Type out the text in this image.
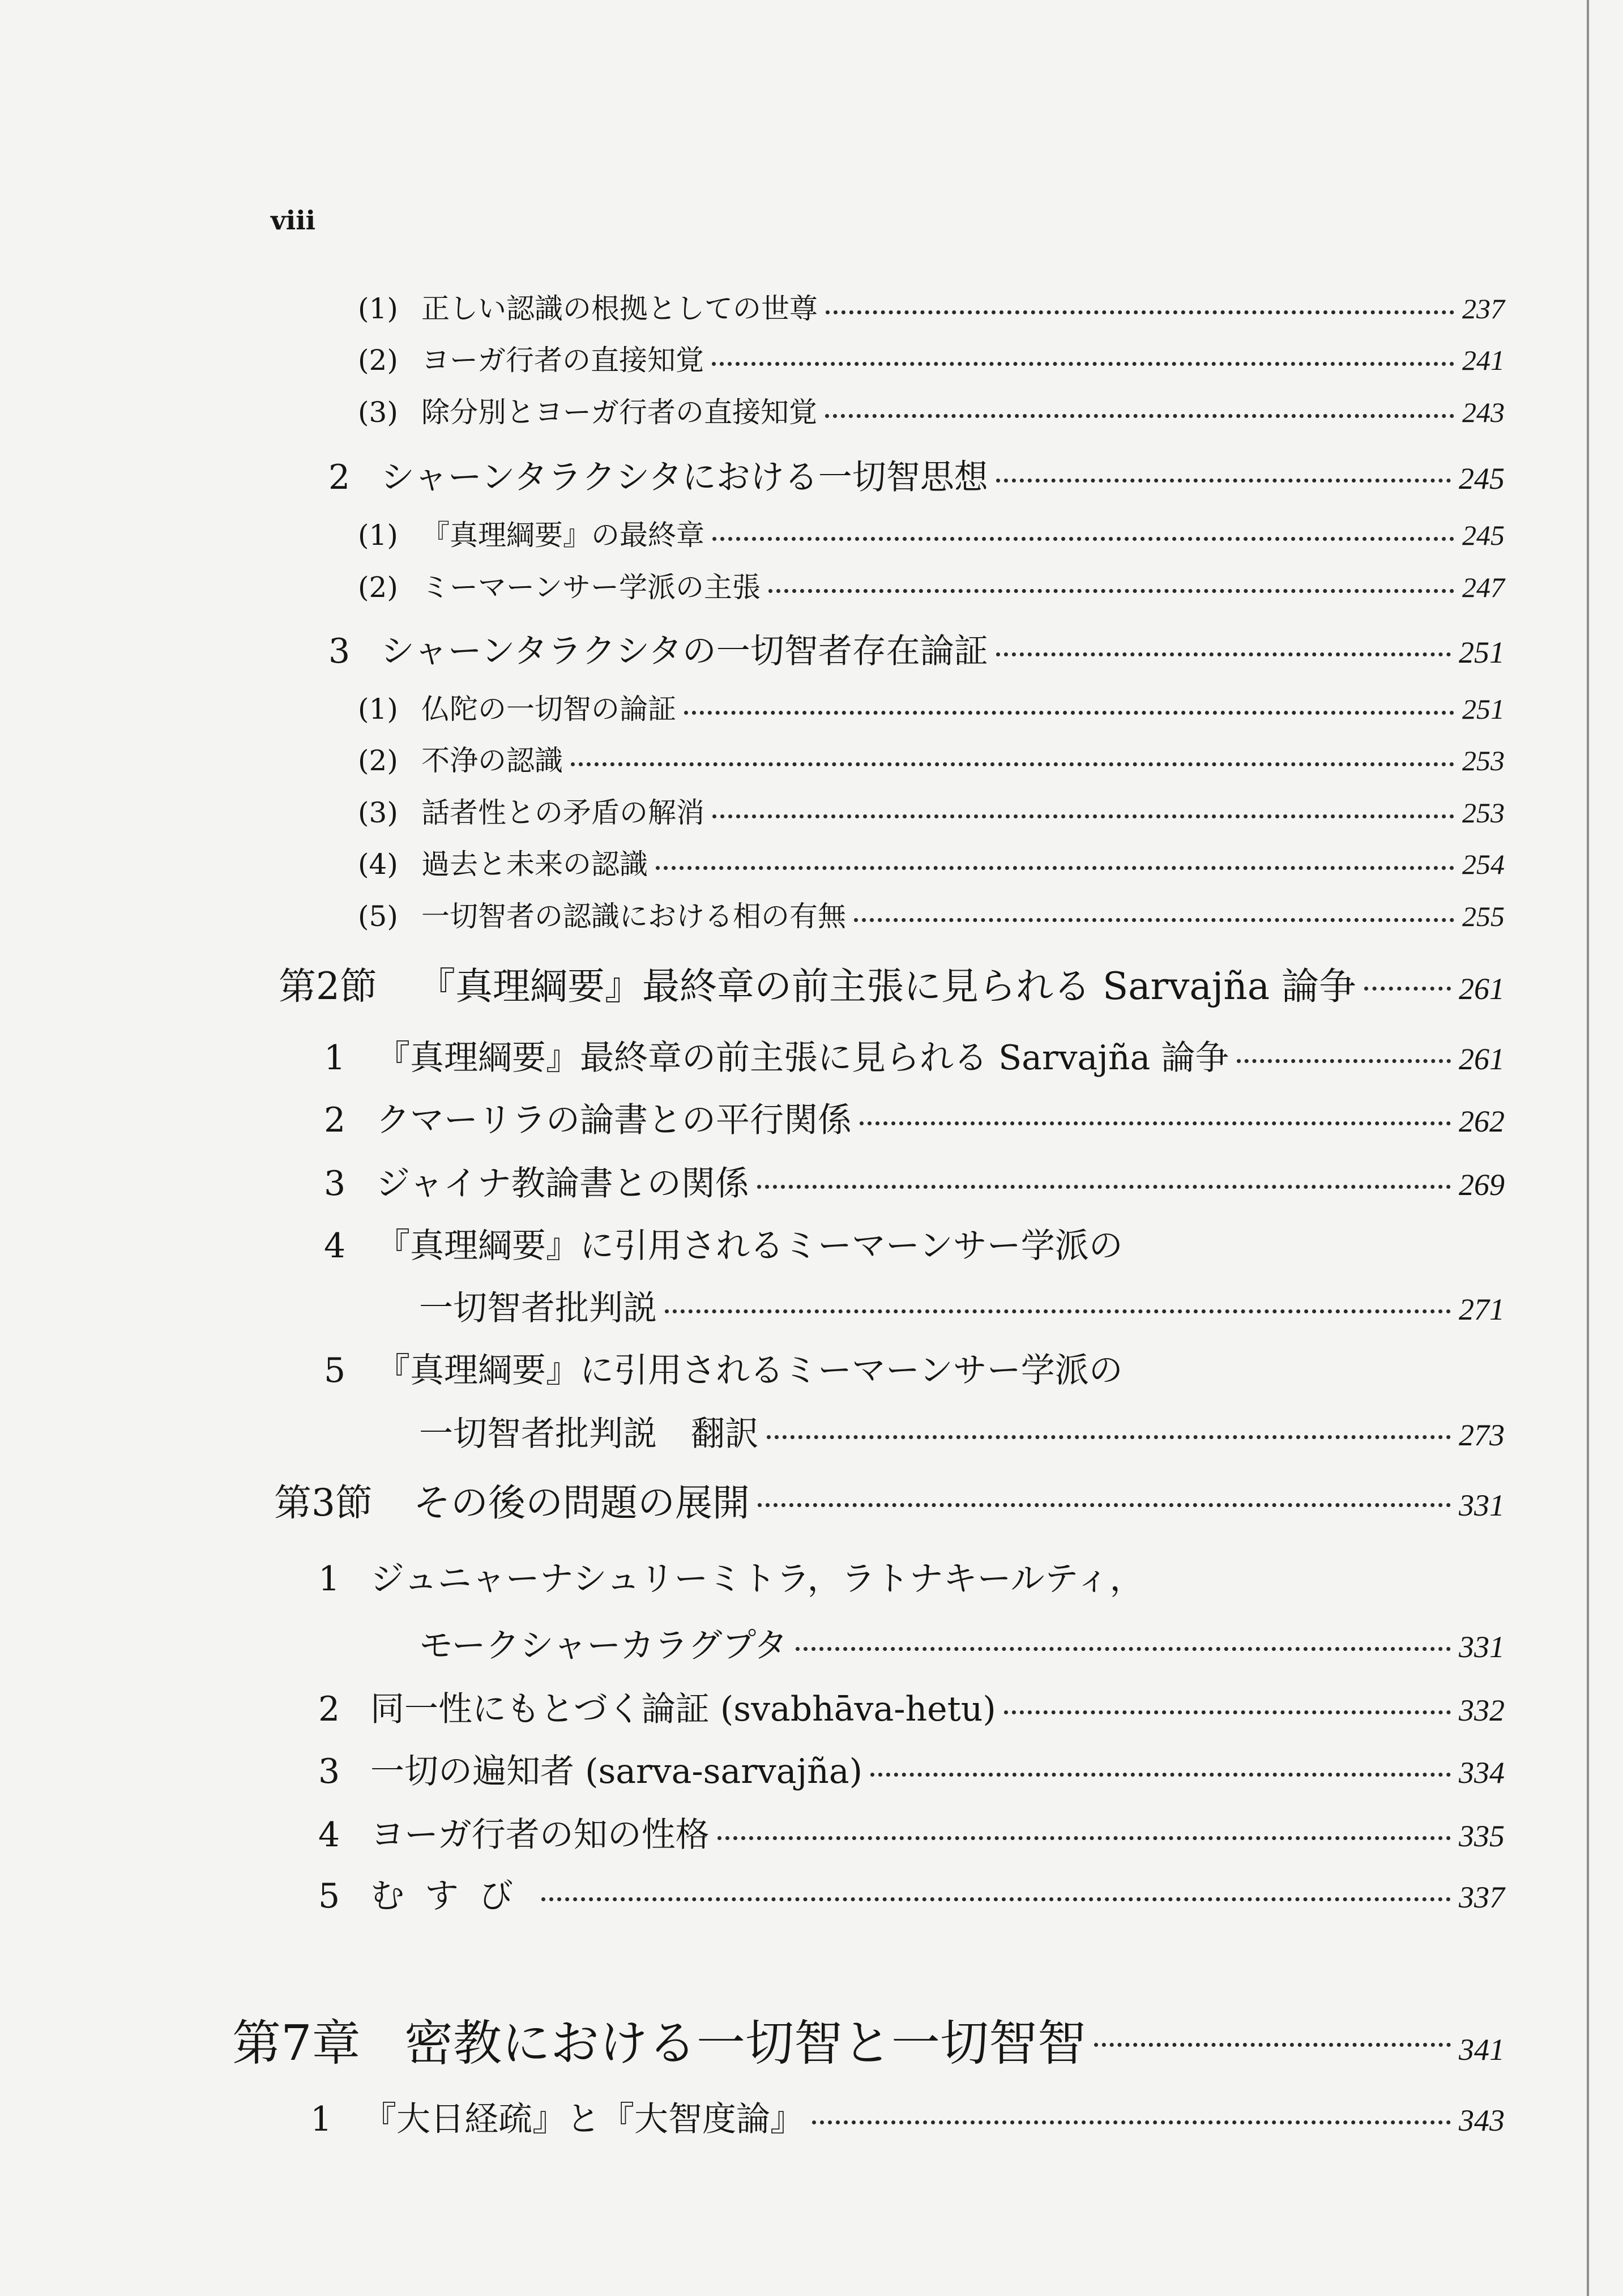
viii
(1) 正しい認識の根拠としての世尊	237
(2) ヨーガ行者の直接知覚	241
(3) 除分別とヨーガ行者の直接知覚	243
2 シャーンタラクシタにおける一切智思想	245
(1) 『真理綱要』の最終章	245
(2) ミーマーンサー学派の主張	247
3 シャーンタラクシタの一切智者存在論証	251
(1) 仏陀の一切智の論証	251
(2) 不浄の認識	253
(3) 話者性との矛盾の解消	253
(4) 過去と未来の認識	254
(5) 一切智者の認識における相の有無	255
第2節	『真理綱要』最終章の前主張に見られる Sarvajña 論争	261
1 『真理綱要』最終章の前主張に見られる Sarvajña 論争	261
2 クマーリラの論書との平行関係	262
3 ジャイナ教論書との関係	269
4 『真理綱要』に引用されるミーマーンサー学派の
一切智者批判説	271
5 『真理綱要』に引用されるミーマーンサー学派の
一切智者批判説　翻訳	273
第3節	その後の問題の展開	331
1 ジュニャーナシュリーミトラ，ラトナキールティ，
モークシャーカラグプタ	331
2 同一性にもとづく論証 (svabhāva-hetu)	332
3 一切の遍知者 (sarva-sarvajña)	334
4 ヨーガ行者の知の性格	335
5 むすび	337
第7章 密教における一切智と一切智智	341
1 『大日経疏』と『大智度論』	343
